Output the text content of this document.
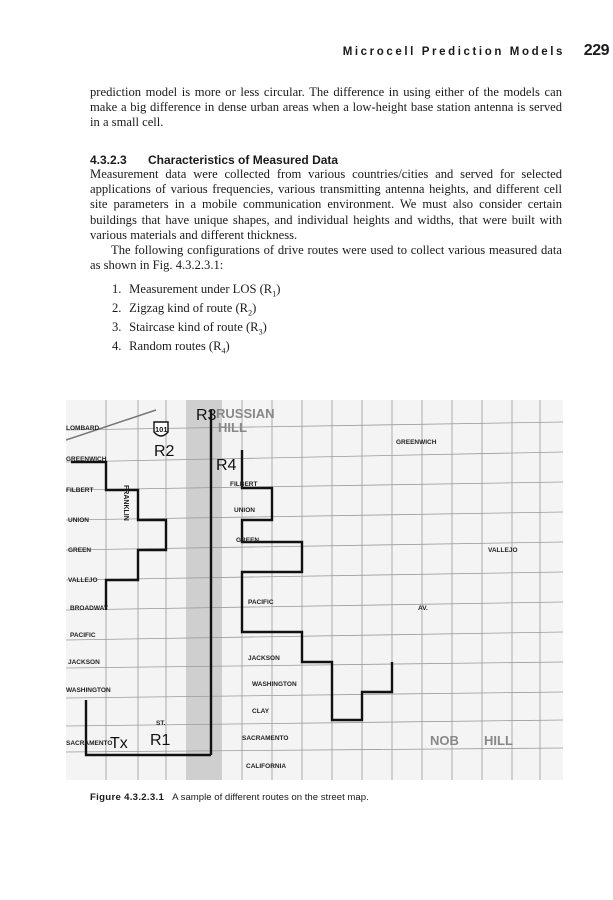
Microcell Prediction Models 229

prediction model is more or less circular. The difference in using either of the models can make a big difference in dense urban areas when a low-height base station antenna is served in a small cell.

4.3.2.3 Characteristics of Measured Data

Measurement data were collected from various countries/cities and served for selected applications of various frequencies, various transmitting antenna heights, and different cell site parameters in a mobile communication environment. We must also consider certain buildings that have unique shapes, and individual heights and widths, that were built with various materials and different thickness.

The following configurations of drive routes were used to collect various measured data as shown in Fig. 4.3.2.3.1:

1. Measurement under LOS $(R_1)$
2. Zigzag kind of route $(R_2)$
3. Staircase kind of route $(R_3)$
4. Random routes $(R_4)$
101
R3
R2
R4
R1
Tx
LOMBARD
GREENWICH
FILBERT
UNION
GREEN
VALLEJO
BROADWAY
PACIFIC
JACKSON
WASHINGTON
SACRAMENTO
RUSSIAN
HILL
GREENWICH
FILBERT
UNION
GREEN
PACIFIC
JACKSON
WASHINGTON
CLAY
SACRAMENTO
CALIFORNIA
VALLEJO
AV.
ST.
NOB HILL
FRANKLIN
Figure 4.3.2.3.1 A sample of different routes on the street map.
